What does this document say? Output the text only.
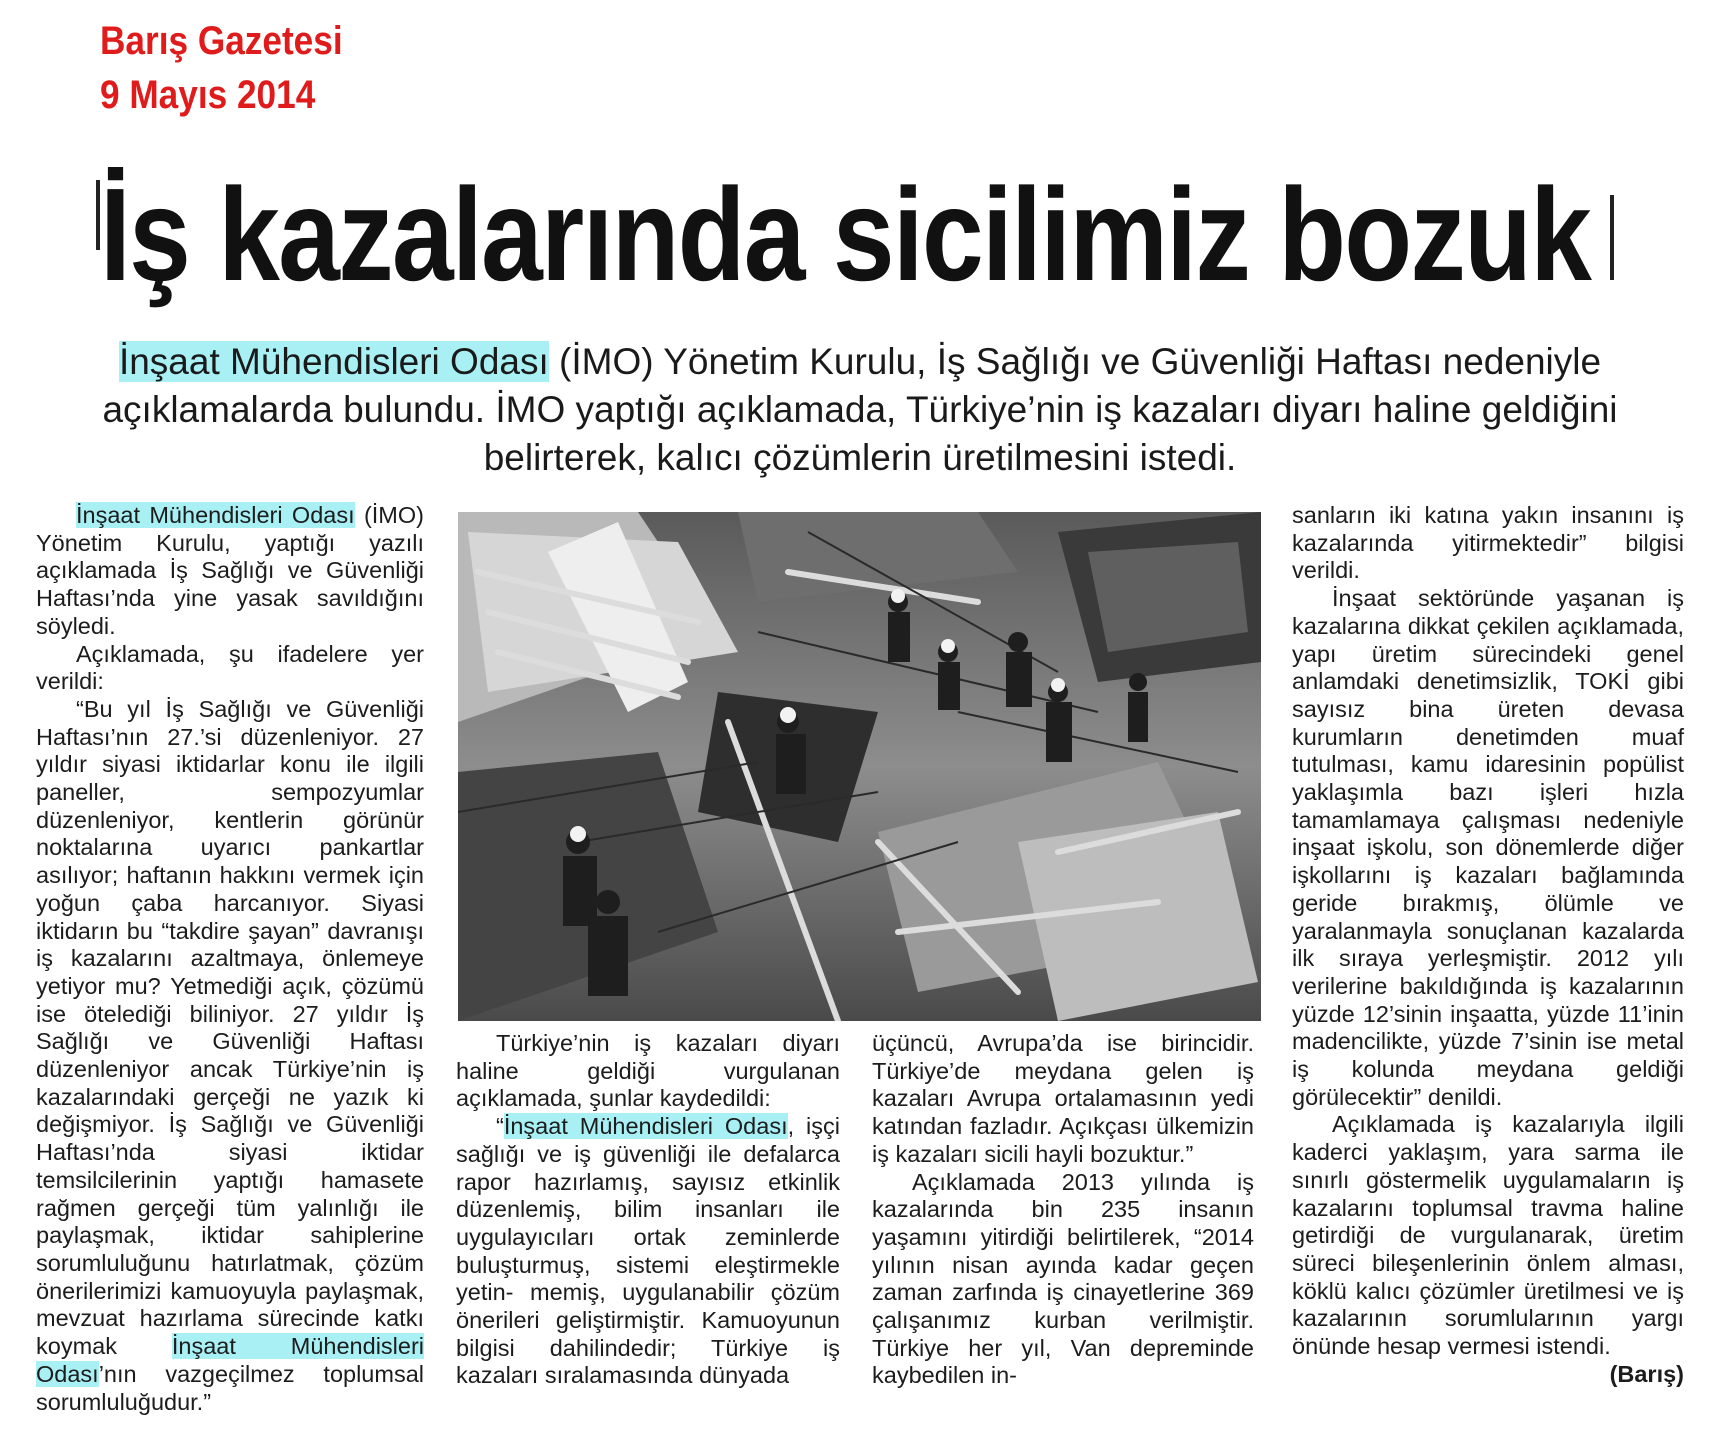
Barış Gazetesi
9 Mayıs 2014
İş kazalarında sicilimiz bozuk
İnşaat Mühendisleri Odası (İMO) Yönetim Kurulu, İş Sağlığı ve Güvenliği Haftası nedeniyle açıklamalarda bulundu. İMO yaptığı açıklamada, Türkiye’nin iş kazaları diyarı haline geldiğini belirterek, kalıcı çözümlerin üretilmesini istedi.

İnşaat Mühendisleri Odası (İMO) Yönetim Kurulu, yaptığı yazılı açıklamada İş Sağlığı ve Güvenliği Haftası’nda yine yasak savıldığını söyledi.

Açıklamada, şu ifadelere yer verildi:

“Bu yıl İş Sağlığı ve Güvenliği Haftası’nın 27.’si düzenleniyor. 27 yıldır siyasi iktidarlar konu ile ilgili paneller, sempozyumlar düzenleniyor, kentlerin görünür noktalarına uyarıcı pankartlar asılıyor; haftanın hakkını vermek için yoğun çaba harcanıyor. Siyasi iktidarın bu “takdire şayan” davranışı iş kazalarını azaltmaya, önlemeye yetiyor mu? Yetmediği açık, çözümü ise ötelediği biliniyor. 27 yıldır İş Sağlığı ve Güvenliği Haftası düzenleniyor ancak Türkiye’nin iş kazalarındaki gerçeği ne yazık ki değişmiyor. İş Sağlığı ve Güvenliği Haftası’nda siyasi iktidar temsilcilerinin yaptığı hamasete rağmen gerçeği tüm yalınlığı ile paylaşmak, iktidar sahiplerine sorumluluğunu hatırlatmak, çözüm önerilerimizi kamuoyuyla paylaşmak, mevzuat hazırlama sürecinde katkı koymak İnşaat Mühendisleri Odası’nın vazgeçilmez toplumsal sorumluluğudur.”

Türkiye’nin iş kazaları diyarı haline geldiği vurgulanan açıklamada, şunlar kaydedildi:

“İnşaat Mühendisleri Odası, işçi sağlığı ve iş güvenliği ile defalarca rapor hazırlamış, sayısız etkinlik düzenlemiş, bilim insanları ile uygulayıcıları ortak zeminlerde buluşturmuş, sistemi eleştirmekle yetin- memiş, uygulanabilir çözüm önerileri geliştirmiştir. Kamuoyunun bilgisi dahilindedir; Türkiye iş kazaları sıralamasında dünyada

üçüncü, Avrupa’da ise birincidir. Türkiye’de meydana gelen iş kazaları Avrupa ortalamasının yedi katından fazladır. Açıkçası ülkemizin iş kazaları sicili hayli bozuktur.”

Açıklamada 2013 yılında iş kazalarında bin 235 insanın yaşamını yitirdiği belirtilerek, “2014 yılının nisan ayında kadar geçen zaman zarfında iş cinayetlerine 369 çalışanımız kurban verilmiştir. Türkiye her yıl, Van depreminde kaybedilen in-

sanların iki katına yakın insanını iş kazalarında yitirmektedir” bilgisi verildi.

İnşaat sektöründe yaşanan iş kazalarına dikkat çekilen açıklamada, yapı üretim sürecindeki genel anlamdaki denetimsizlik, TOKİ gibi sayısız bina üreten devasa kurumların denetimden muaf tutulması, kamu idaresinin popülist yaklaşımla bazı işleri hızla tamamlamaya çalışması nedeniyle inşaat işkolu, son dönemlerde diğer işkollarını iş kazaları bağlamında geride bırakmış, ölümle ve yaralanmayla sonuçlanan kazalarda ilk sıraya yerleşmiştir. 2012 yılı verilerine bakıldığında iş kazalarının yüzde 12’sinin inşaatta, yüzde 11’inin madencilikte, yüzde 7’sinin ise metal iş kolunda meydana geldiği görülecektir” denildi.

Açıklamada iş kazalarıyla ilgili kaderci yaklaşım, yara sarma ile sınırlı göstermelik uygulamaların iş kazalarını toplumsal travma haline getirdiği de vurgulanarak, üretim süreci bileşenlerinin önlem alması, köklü kalıcı çözümler üretilmesi ve iş kazalarının sorumlularının yargı önünde hesap vermesi istendi.
(Barış)
